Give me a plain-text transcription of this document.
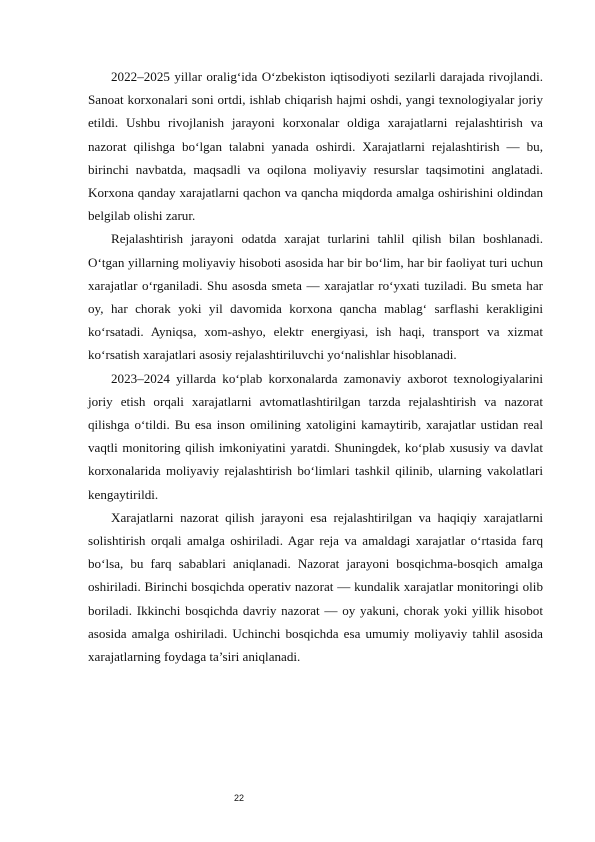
2022–2025 yillar oralig‘ida O‘zbekiston iqtisodiyoti sezilarli darajada rivojlandi. Sanoat korxonalari soni ortdi, ishlab chiqarish hajmi oshdi, yangi texnologiyalar joriy etildi. Ushbu rivojlanish jarayoni korxonalar oldiga xarajatlarni rejalashtirish va nazorat qilishga bo‘lgan talabni yanada oshirdi. Xarajatlarni rejalashtirish — bu, birinchi navbatda, maqsadli va oqilona moliyaviy resurslar taqsimotini anglatadi. Korxona qanday xarajatlarni qachon va qancha miqdorda amalga oshirishini oldindan belgilab olishi zarur.

Rejalashtirish jarayoni odatda xarajat turlarini tahlil qilish bilan boshlanadi. O‘tgan yillarning moliyaviy hisoboti asosida har bir bo‘lim, har bir faoliyat turi uchun xarajatlar o‘rganiladi. Shu asosda smeta — xarajatlar ro‘yxati tuziladi. Bu smeta har oy, har chorak yoki yil davomida korxona qancha mablag‘ sarflashi kerakligini ko‘rsatadi. Ayniqsa, xom-ashyo, elektr energiyasi, ish haqi, transport va xizmat ko‘rsatish xarajatlari asosiy rejalashtiriluvchi yo‘nalishlar hisoblanadi.

2023–2024 yillarda ko‘plab korxonalarda zamonaviy axborot texnologiyalarini joriy etish orqali xarajatlarni avtomatlashtirilgan tarzda rejalashtirish va nazorat qilishga o‘tildi. Bu esa inson omilining xatoligini kamaytirib, xarajatlar ustidan real vaqtli monitoring qilish imkoniyatini yaratdi. Shuningdek, ko‘plab xususiy va davlat korxonalarida moliyaviy rejalashtirish bo‘limlari tashkil qilinib, ularning vakolatlari kengaytirildi.

Xarajatlarni nazorat qilish jarayoni esa rejalashtirilgan va haqiqiy xarajatlarni solishtirish orqali amalga oshiriladi. Agar reja va amaldagi xarajatlar o‘rtasida farq bo‘lsa, bu farq sabablari aniqlanadi. Nazorat jarayoni bosqichma-bosqich amalga oshiriladi. Birinchi bosqichda operativ nazorat — kundalik xarajatlar monitoringi olib boriladi. Ikkinchi bosqichda davriy nazorat — oy yakuni, chorak yoki yillik hisobot asosida amalga oshiriladi. Uchinchi bosqichda esa umumiy moliyaviy tahlil asosida xarajatlarning foydaga ta’siri aniqlanadi.

22
